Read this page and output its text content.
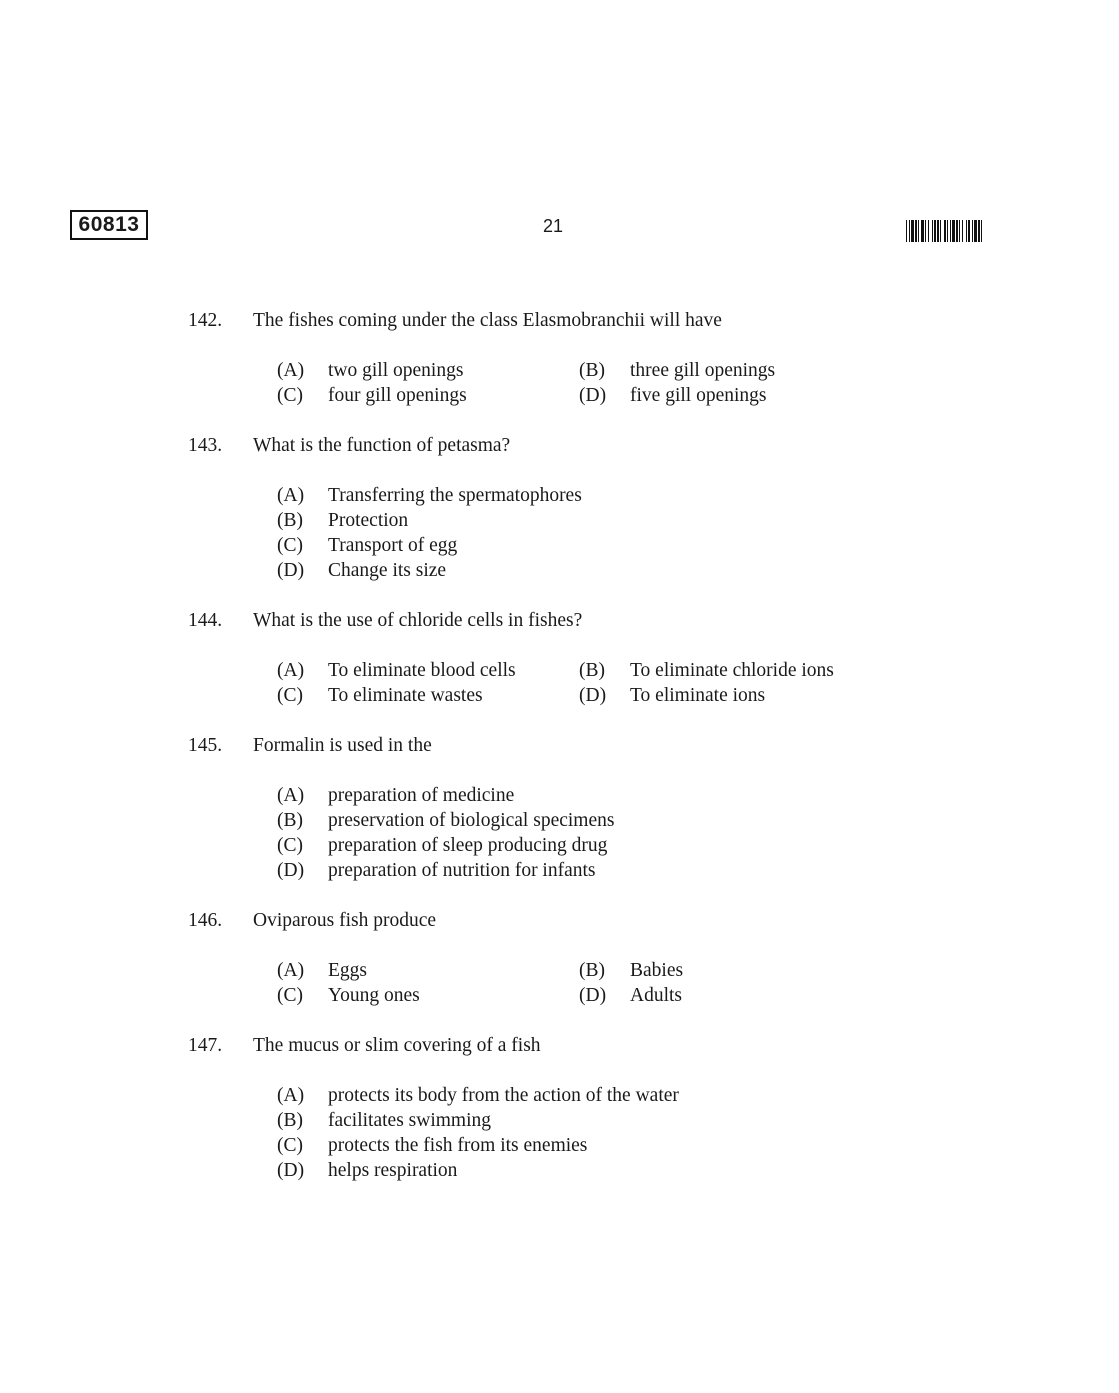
60813	21
142. The fishes coming under the class Elasmobranchii will have
(A) two gill openings	(B) three gill openings
(C) four gill openings	(D) five gill openings
143. What is the function of petasma?
(A) Transferring the spermatophores
(B) Protection
(C) Transport of egg
(D) Change its size
144. What is the use of chloride cells in fishes?
(A) To eliminate blood cells	(B) To eliminate chloride ions
(C) To eliminate wastes	(D) To eliminate ions
145. Formalin is used in the
(A) preparation of medicine
(B) preservation of biological specimens
(C) preparation of sleep producing drug
(D) preparation of nutrition for infants
146. Oviparous fish produce
(A) Eggs	(B) Babies
(C) Young ones	(D) Adults
147. The mucus or slim covering of a fish
(A) protects its body from the action of the water
(B) facilitates swimming
(C) protects the fish from its enemies
(D) helps respiration
